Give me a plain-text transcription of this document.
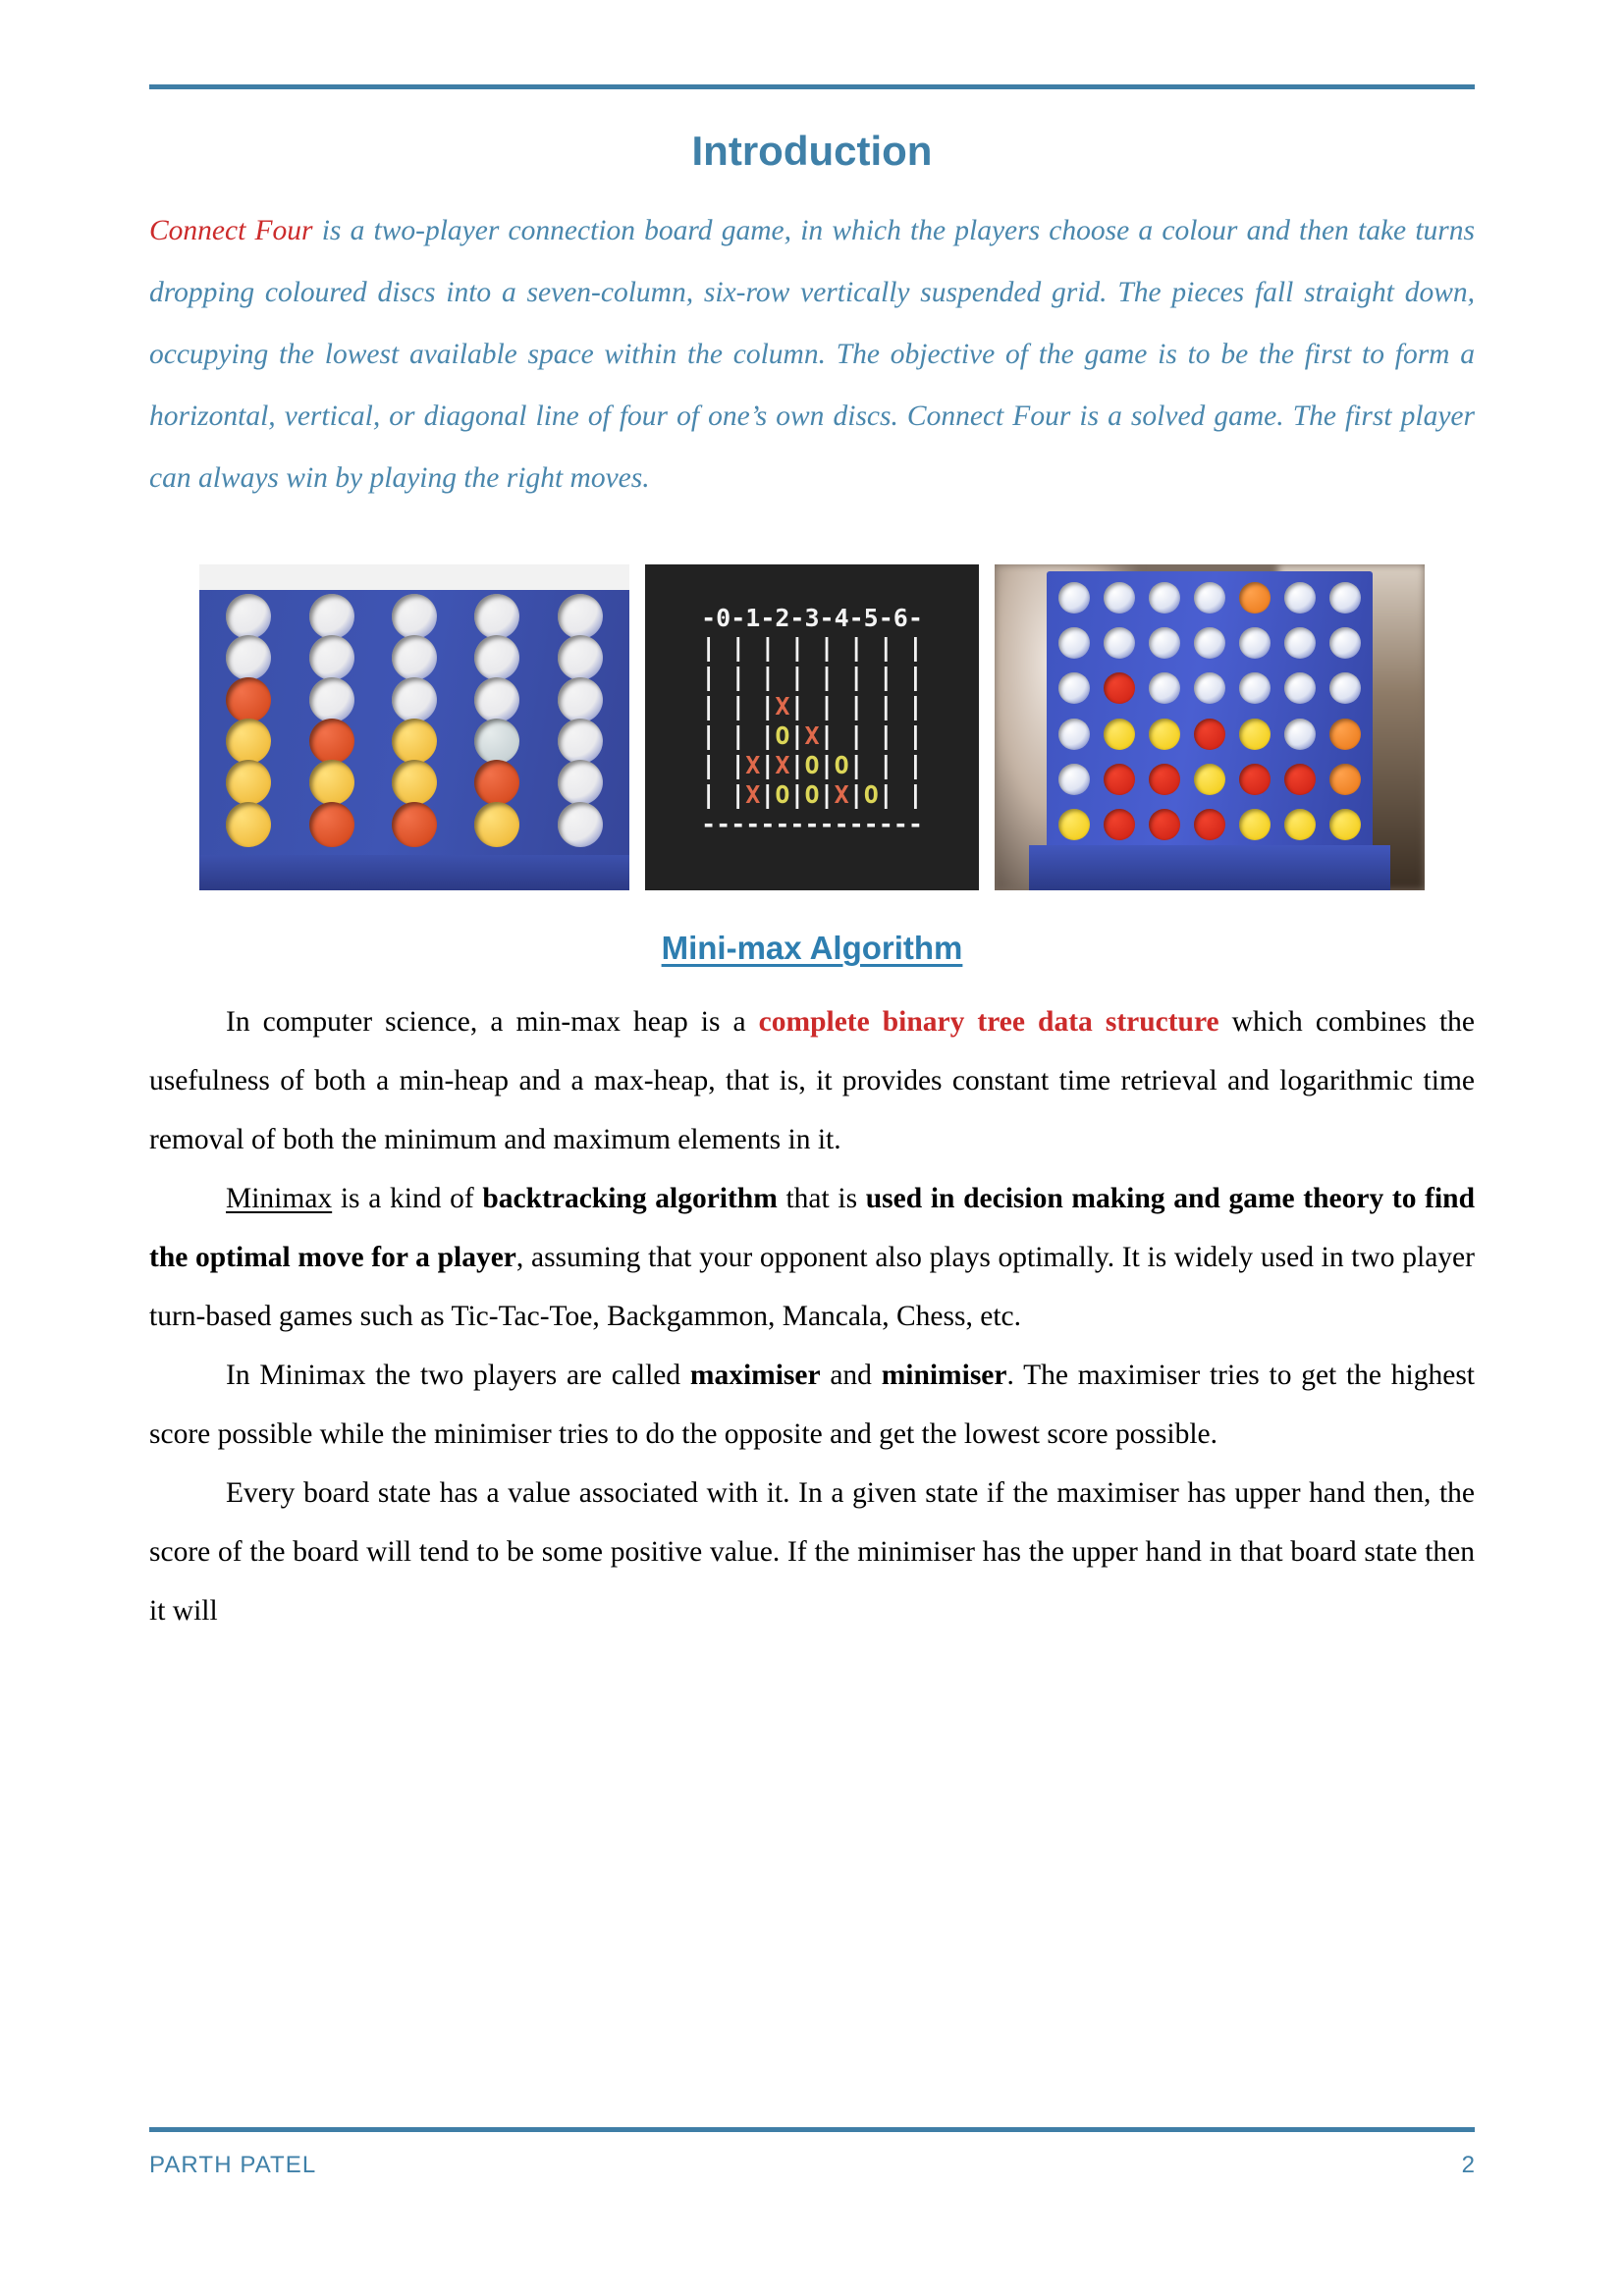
Introduction

Connect Four is a two-player connection board game, in which the players choose a colour and then take turns dropping coloured discs into a seven-column, six-row vertically suspended grid. The pieces fall straight down, occupying the lowest available space within the column. The objective of the game is to be the first to form a horizontal, vertical, or diagonal line of four of one’s own discs. Connect Four is a solved game. The first player can always win by playing the right moves.

-0-1-2-3-4-5-6-
| | | | | | | |
| | | | | | | |
| | |X| | | | |
| | |O|X| | | |
| |X|X|O|O| | |
| |X|O|O|X|O| |
---------------

Mini-max Algorithm

In computer science, a min-max heap is a complete binary tree data structure which combines the usefulness of both a min-heap and a max-heap, that is, it provides constant time retrieval and logarithmic time removal of both the minimum and maximum elements in it.

Minimax is a kind of backtracking algorithm that is used in decision making and game theory to find the optimal move for a player, assuming that your opponent also plays optimally. It is widely used in two player turn-based games such as Tic-Tac-Toe, Backgammon, Mancala, Chess, etc.

In Minimax the two players are called maximiser and minimiser. The maximiser tries to get the highest score possible while the minimiser tries to do the opposite and get the lowest score possible.

Every board state has a value associated with it. In a given state if the maximiser has upper hand then, the score of the board will tend to be some positive value. If the minimiser has the upper hand in that board state then it will

PARTH PATEL	2
